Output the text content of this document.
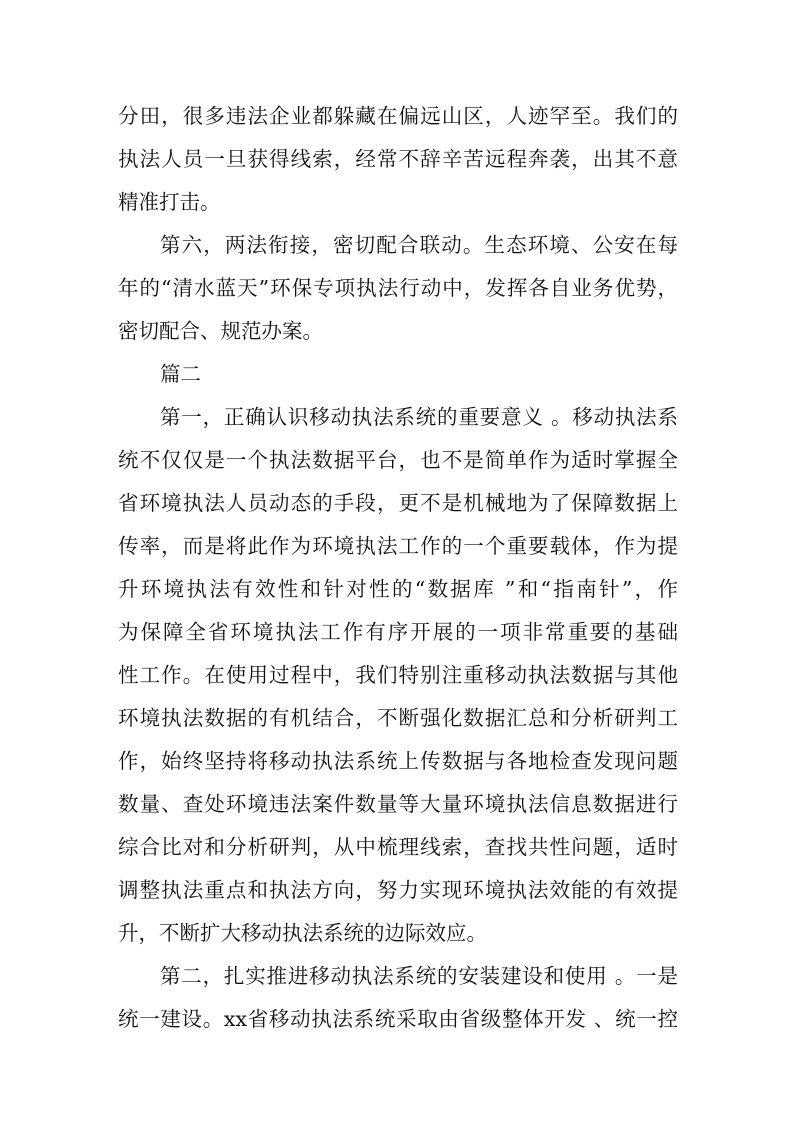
分田，很多违法企业都躲藏在偏远山区，人迹罕至。我们的
执法人员一旦获得线索，经常不辞辛苦远程奔袭，出其不意
精准打击。
第六，两法衔接，密切配合联动。生态环境、公安在每
年的“清水蓝天”环保专项执法行动中，发挥各自业务优势，
密切配合、规范办案。
篇二
第一，正确认识移动执法系统的重要意义 。移动执法系
统不仅仅是一个执法数据平台，也不是简单作为适时掌握全
省环境执法人员动态的手段，更不是机械地为了保障数据上
传率，而是将此作为环境执法工作的一个重要载体，作为提
升环境执法有效性和针对性的“数据库 ”和“指南针”，作
为保障全省环境执法工作有序开展的一项非常重要的基础
性工作。在使用过程中，我们特别注重移动执法数据与其他
环境执法数据的有机结合，不断强化数据汇总和分析研判工
作，始终坚持将移动执法系统上传数据与各地检查发现问题
数量、查处环境违法案件数量等大量环境执法信息数据进行
综合比对和分析研判，从中梳理线索，查找共性问题，适时
调整执法重点和执法方向，努力实现环境执法效能的有效提
升，不断扩大移动执法系统的边际效应。
第二，扎实推进移动执法系统的安装建设和使用 。一是
统一建设。xx省移动执法系统采取由省级整体开发 、统一控
